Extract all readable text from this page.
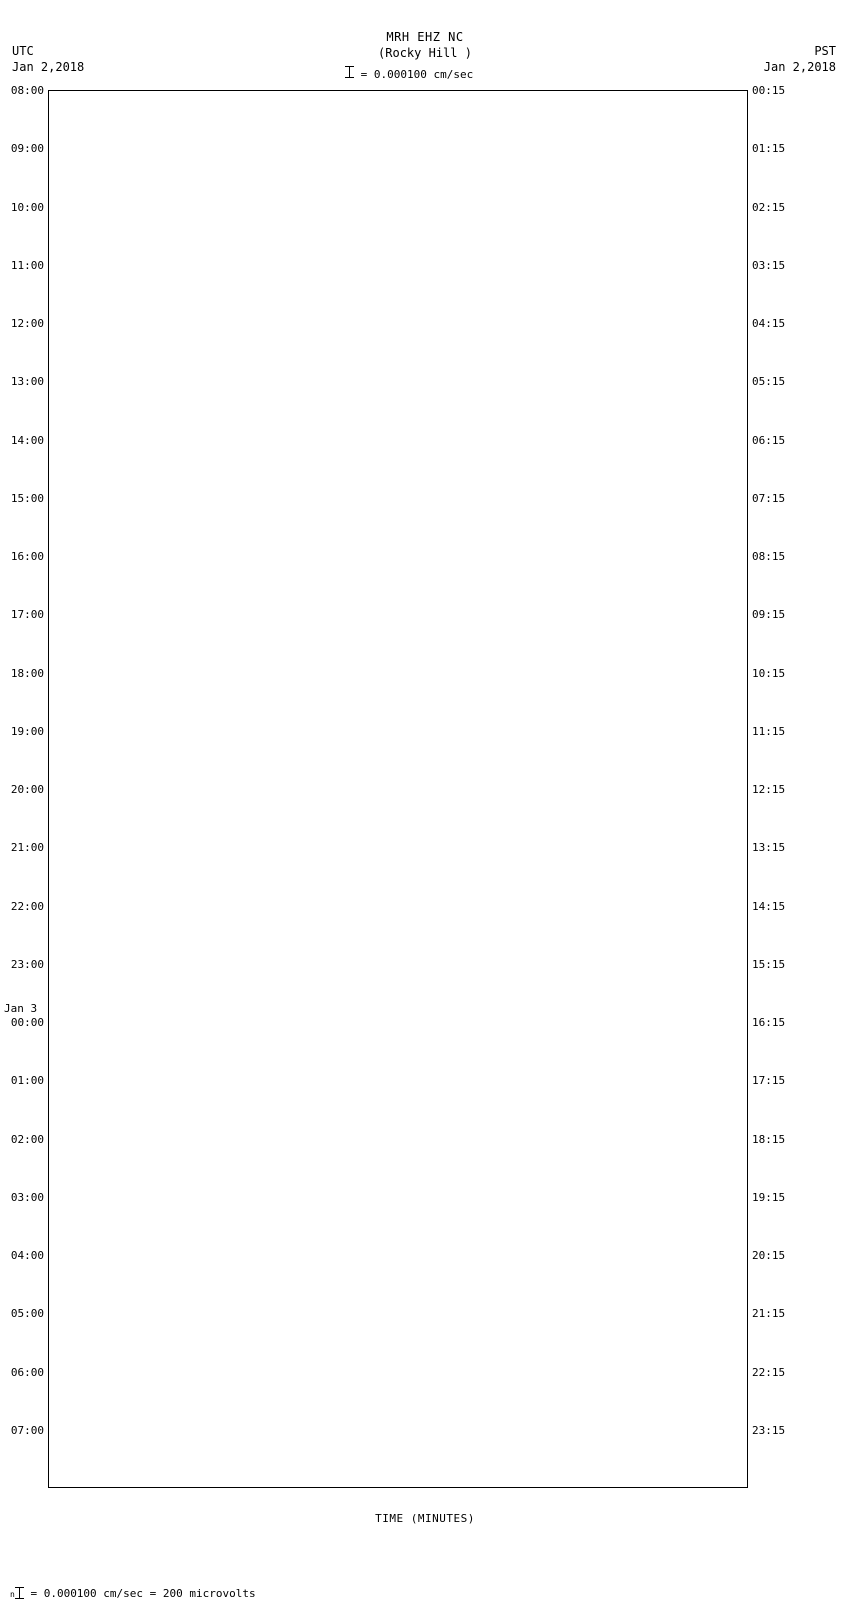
MRH EHZ NC
(Rocky Hill )
UTC
Jan 2,2018
PST
Jan 2,2018
= 0.000100 cm/sec
08:00
09:00
10:00
11:00
12:00
13:00
14:00
15:00
16:00
17:00
18:00
19:00
20:00
21:00
22:00
23:00
00:00
01:00
02:00
03:00
04:00
05:00
06:00
07:00
00:15
01:15
02:15
03:15
04:15
05:15
06:15
07:15
08:15
09:15
10:15
11:15
12:15
13:15
14:15
15:15
16:15
17:15
18:15
19:15
20:15
21:15
22:15
23:15
Jan 3
TIME (MINUTES)
n = 0.000100 cm/sec = 200 microvolts
